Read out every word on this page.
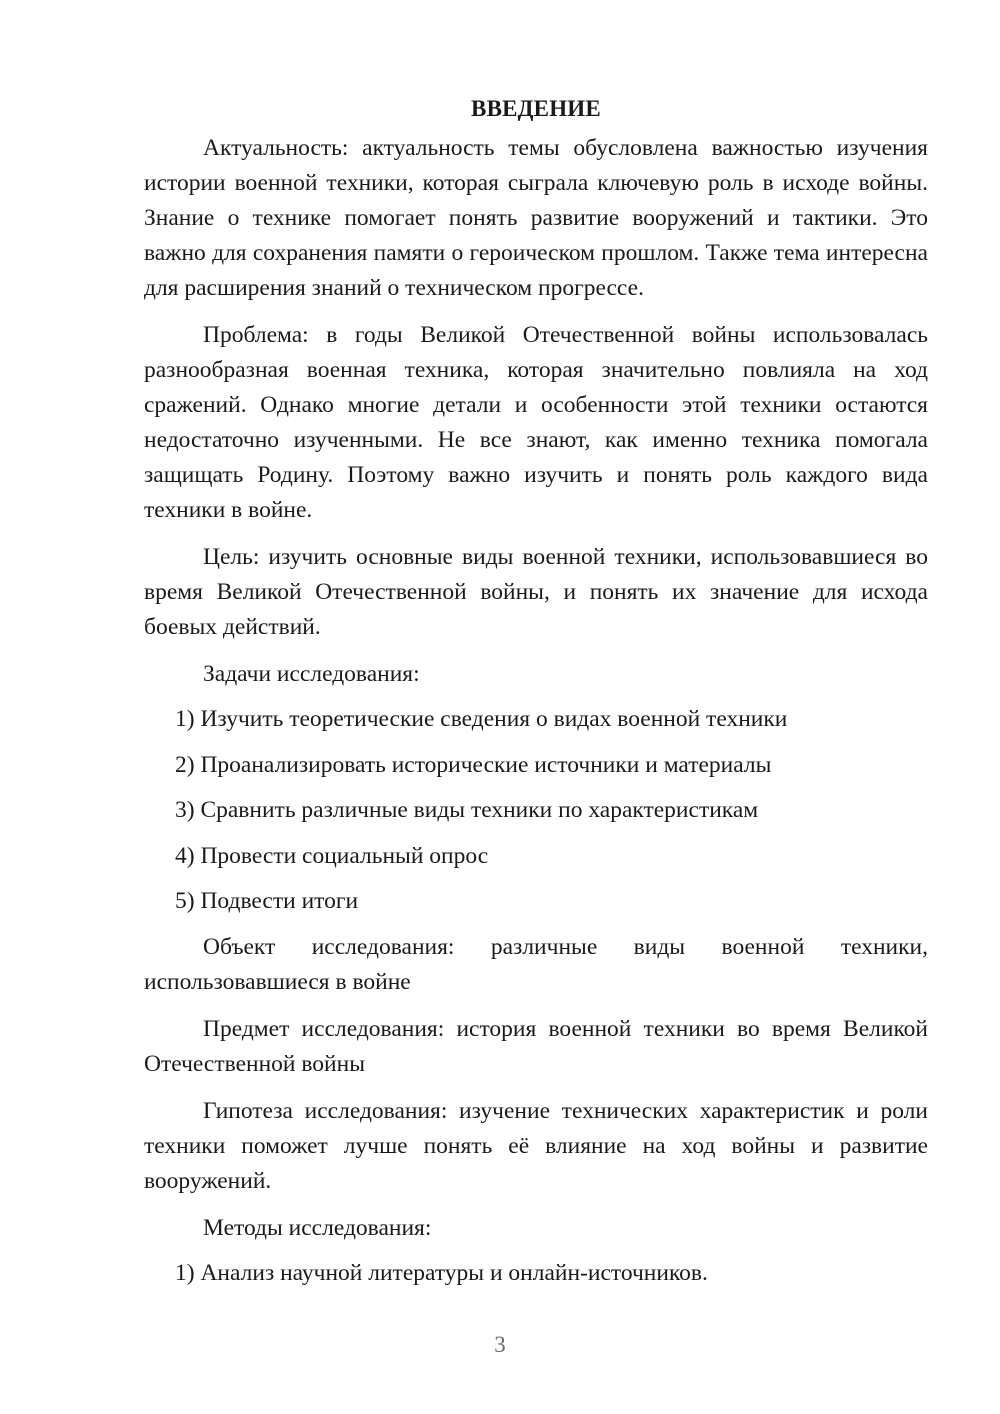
ВВЕДЕНИЕ

Актуальность: актуальность темы обусловлена важностью изучения истории военной техники, которая сыграла ключевую роль в исходе войны. Знание о технике помогает понять развитие вооружений и тактики. Это важно для сохранения памяти о героическом прошлом. Также тема интересна для расширения знаний о техническом прогрессе.

Проблема: в годы Великой Отечественной войны использовалась разнообразная военная техника, которая значительно повлияла на ход сражений. Однако многие детали и особенности этой техники остаются недостаточно изученными. Не все знают, как именно техника помогала защищать Родину. Поэтому важно изучить и понять роль каждого вида техники в войне.

Цель: изучить основные виды военной техники, использовавшиеся во время Великой Отечественной войны, и понять их значение для исхода боевых действий.

Задачи исследования:

1) Изучить теоретические сведения о видах военной техники
2) Проанализировать исторические источники и материалы
3) Сравнить различные виды техники по характеристикам
4) Провести социальный опрос
5) Подвести итоги

Объект исследования: различные виды военной техники, использовавшиеся в войне

Предмет исследования: история военной техники во время Великой Отечественной войны

Гипотеза исследования: изучение технических характеристик и роли техники поможет лучше понять её влияние на ход войны и развитие вооружений.

Методы исследования:

1) Анализ научной литературы и онлайн-источников.
3
